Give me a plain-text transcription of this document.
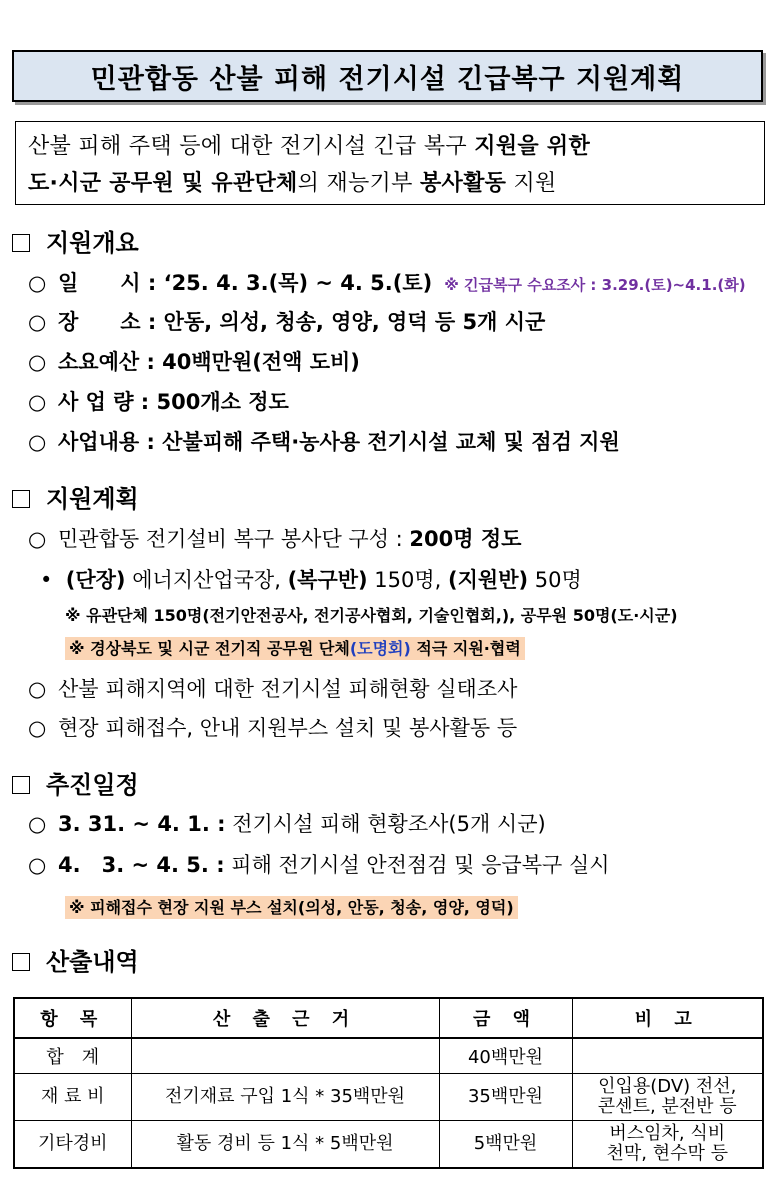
민관합동 산불 피해 전기시설 긴급복구 지원계획
산불 피해 주택 등에 대한 전기시설 긴급 복구 지원을 위한
도·시군 공무원 및 유관단체의 재능기부 봉사활동 지원
지원개요
○ 일　　시 : ‘25. 4. 3.(목) ~ 4. 5.(토) ※ 긴급복구 수요조사 : 3.29.(토)~4.1.(화)
○ 장　　소 : 안동, 의성, 청송, 영양, 영덕 등 5개 시군
○ 소요예산 : 40백만원(전액 도비)
○ 사 업 량 : 500개소 정도
○ 사업내용 : 산불피해 주택·농사용 전기시설 교체 및 점검 지원
지원계획
○ 민관합동 전기설비 복구 봉사단 구성 : 200명 정도
•  (단장) 에너지산업국장, (복구반) 150명, (지원반) 50명
※ 유관단체 150명(전기안전공사, 전기공사협회, 기술인협회,), 공무원 50명(도·시군)
※ 경상북도 및 시군 전기직 공무원 단체(도명회) 적극 지원·협력
○ 산불 피해지역에 대한 전기시설 피해현황 실태조사
○ 현장 피해접수, 안내 지원부스 설치 및 봉사활동 등
추진일정
○ 3. 31. ~ 4. 1. : 전기시설 피해 현황조사(5개 시군)
○ 4.　3. ~ 4. 5. : 피해 전기시설 안전점검 및 응급복구 실시
※ 피해접수 현장 지원 부스 설치(의성, 안동, 청송, 영양, 영덕)
산출내역
항 목	산 출 근 거	금 액	비 고
합　계		40백만원	
재 료 비	전기재료 구입 1식 * 35백만원	35백만원	인입용(DV) 전선,
콘센트, 분전반 등
기타경비	활동 경비 등 1식 * 5백만원	5백만원	버스임차, 식비
천막, 현수막 등
